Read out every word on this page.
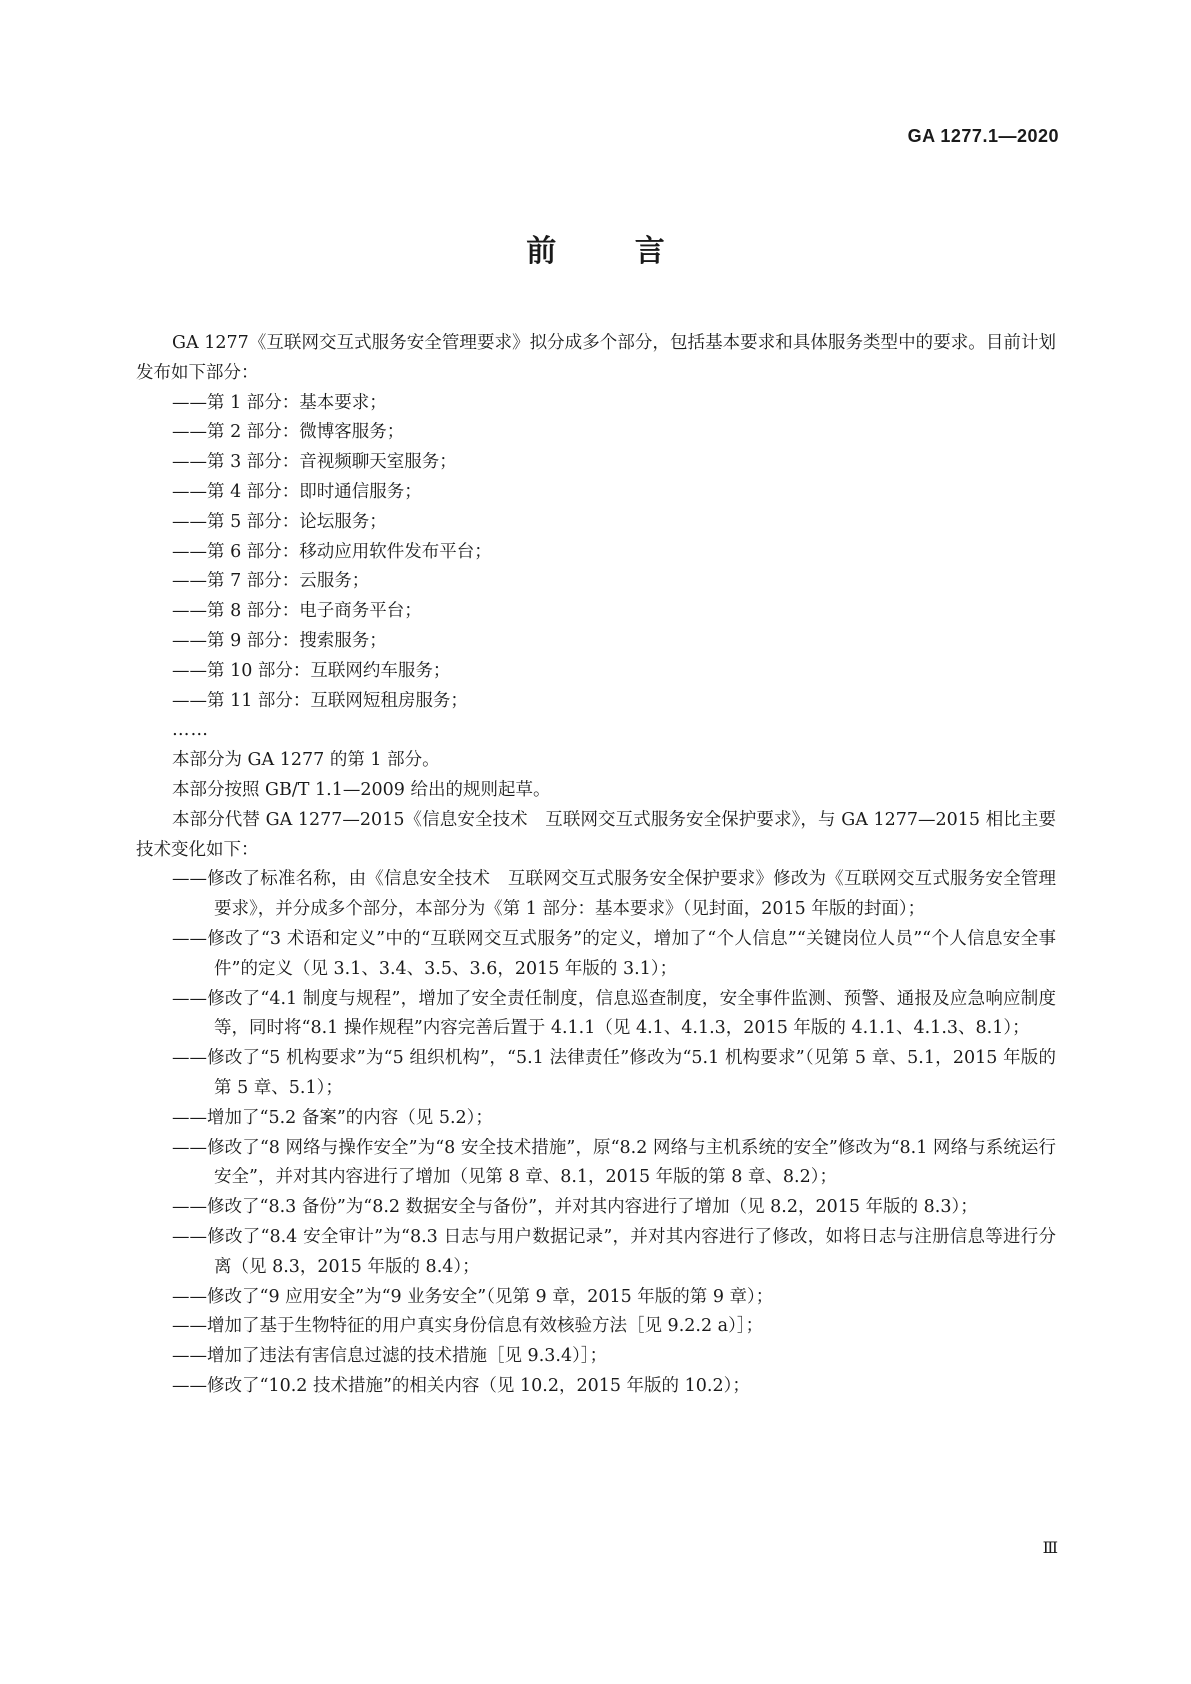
GA 1277.1—2020
前 言

GA 1277《互联网交互式服务安全管理要求》拟分成多个部分，包括基本要求和具体服务类型中的要求。目前计划发布如下部分：

——第 1 部分：基本要求；

——第 2 部分：微博客服务；

——第 3 部分：音视频聊天室服务；

——第 4 部分：即时通信服务；

——第 5 部分：论坛服务；

——第 6 部分：移动应用软件发布平台；

——第 7 部分：云服务；

——第 8 部分：电子商务平台；

——第 9 部分：搜索服务；

——第 10 部分：互联网约车服务；

——第 11 部分：互联网短租房服务；

……

本部分为 GA 1277 的第 1 部分。

本部分按照 GB/T 1.1—2009 给出的规则起草。

本部分代替 GA 1277—2015《信息安全技术　互联网交互式服务安全保护要求》，与 GA 1277—2015 相比主要技术变化如下：

——修改了标准名称，由《信息安全技术　互联网交互式服务安全保护要求》修改为《互联网交互式服务安全管理要求》，并分成多个部分，本部分为《第 1 部分：基本要求》（见封面，2015 年版的封面）；

——修改了“3 术语和定义”中的“互联网交互式服务”的定义，增加了“个人信息”“关键岗位人员”“个人信息安全事件”的定义（见 3.1、3.4、3.5、3.6，2015 年版的 3.1）；

——修改了“4.1 制度与规程”，增加了安全责任制度，信息巡查制度，安全事件监测、预警、通报及应急响应制度等，同时将“8.1 操作规程”内容完善后置于 4.1.1（见 4.1、4.1.3，2015 年版的 4.1.1、4.1.3、8.1）；

——修改了“5 机构要求”为“5 组织机构”，“5.1 法律责任”修改为“5.1 机构要求”（见第 5 章、5.1，2015 年版的第 5 章、5.1）；

——增加了“5.2 备案”的内容（见 5.2）；

——修改了“8 网络与操作安全”为“8 安全技术措施”，原“8.2 网络与主机系统的安全”修改为“8.1 网络与系统运行安全”，并对其内容进行了增加（见第 8 章、8.1，2015 年版的第 8 章、8.2）；

——修改了“8.3 备份”为“8.2 数据安全与备份”，并对其内容进行了增加（见 8.2，2015 年版的 8.3）；

——修改了“8.4 安全审计”为“8.3 日志与用户数据记录”，并对其内容进行了修改，如将日志与注册信息等进行分离（见 8.3，2015 年版的 8.4）；

——修改了“9 应用安全”为“9 业务安全”（见第 9 章，2015 年版的第 9 章）；

——增加了基于生物特征的用户真实身份信息有效核验方法［见 9.2.2 a）］；

——增加了违法有害信息过滤的技术措施［见 9.3.4）］；

——修改了“10.2 技术措施”的相关内容（见 10.2，2015 年版的 10.2）；

Ⅲ
